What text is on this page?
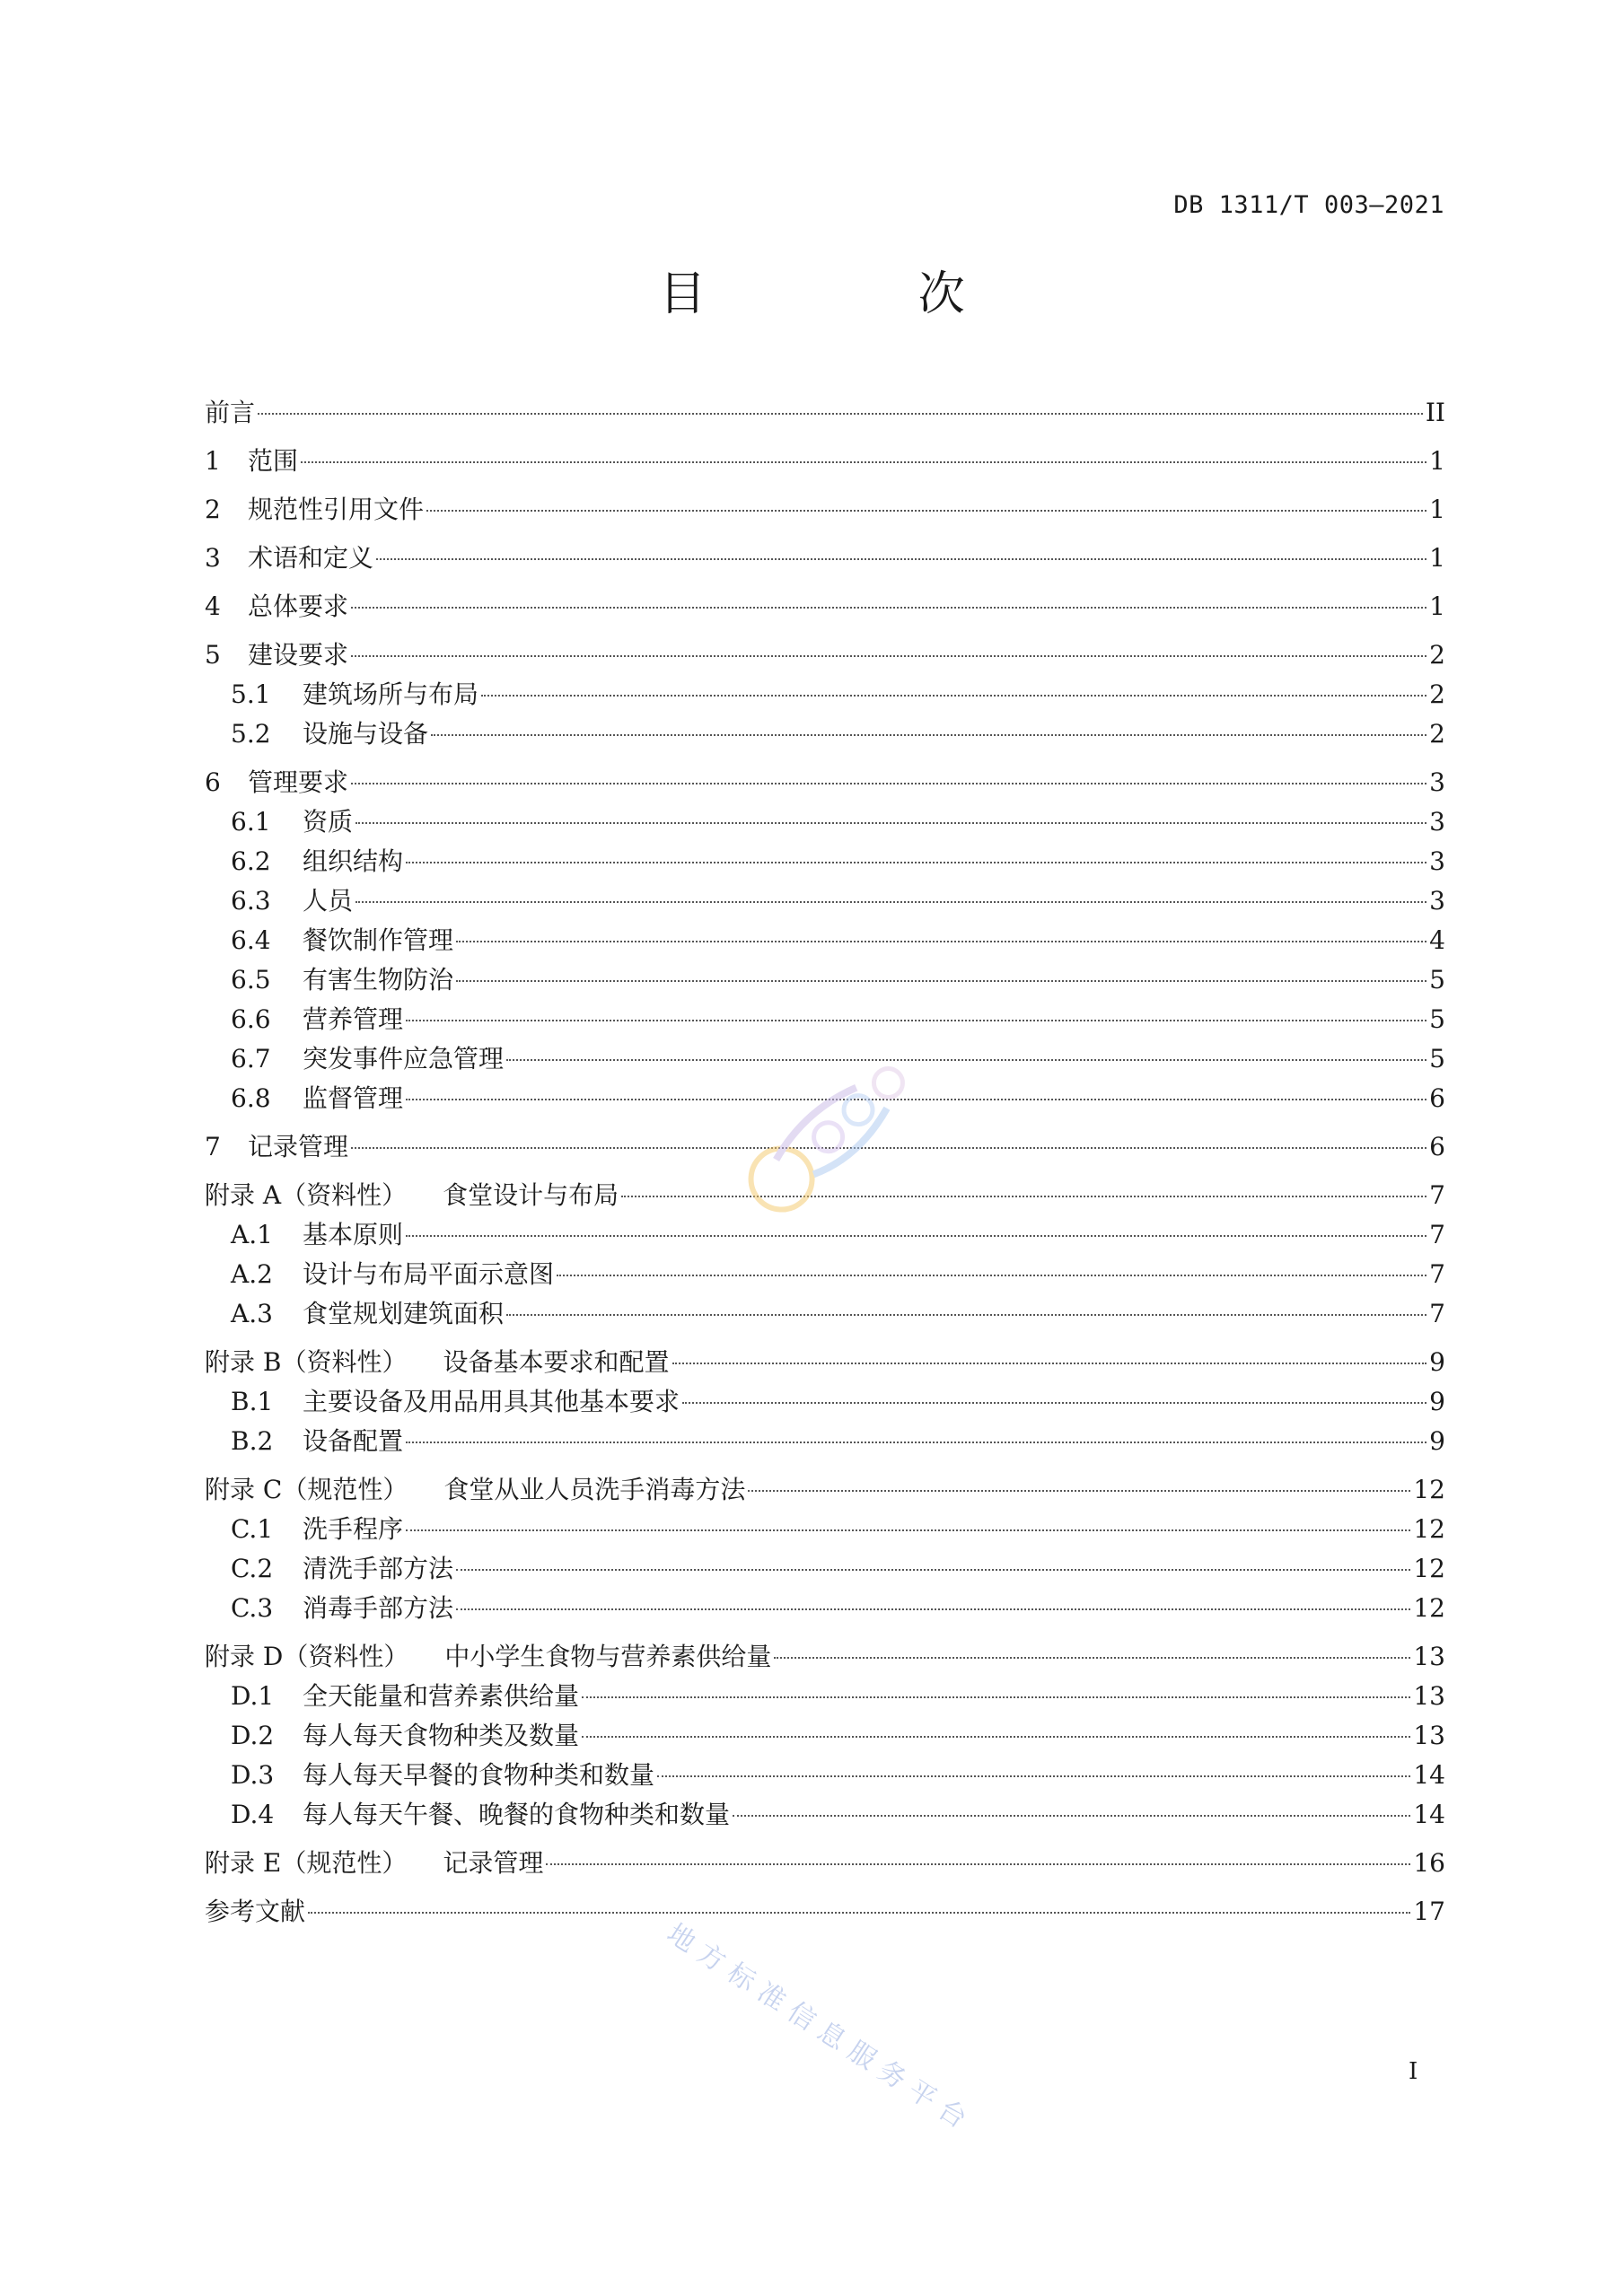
DB 1311/T 003—2021
目 次
前言	II
1	范围	1
2	规范性引用文件	1
3	术语和定义	1
4	总体要求	1
5	建设要求	2
5.1	建筑场所与布局	2
5.2	设施与设备	2
6	管理要求	3
6.1	资质	3
6.2	组织结构	3
6.3	人员	3
6.4	餐饮制作管理	4
6.5	有害生物防治	5
6.6	营养管理	5
6.7	突发事件应急管理	5
6.8	监督管理	6
7	记录管理	6
附录 A（资料性） 食堂设计与布局	7
A.1	基本原则	7
A.2	设计与布局平面示意图	7
A.3	食堂规划建筑面积	7
附录 B（资料性） 设备基本要求和配置	9
B.1	主要设备及用品用具其他基本要求	9
B.2	设备配置	9
附录 C（规范性） 食堂从业人员洗手消毒方法	12
C.1	洗手程序	12
C.2	清洗手部方法	12
C.3	消毒手部方法	12
附录 D（资料性） 中小学生食物与营养素供给量	13
D.1	全天能量和营养素供给量	13
D.2	每人每天食物种类及数量	13
D.3	每人每天早餐的食物种类和数量	14
D.4	每人每天午餐、晚餐的食物种类和数量	14
附录 E（规范性） 记录管理	16
参考文献	17
I
地方标准信息服务平台
